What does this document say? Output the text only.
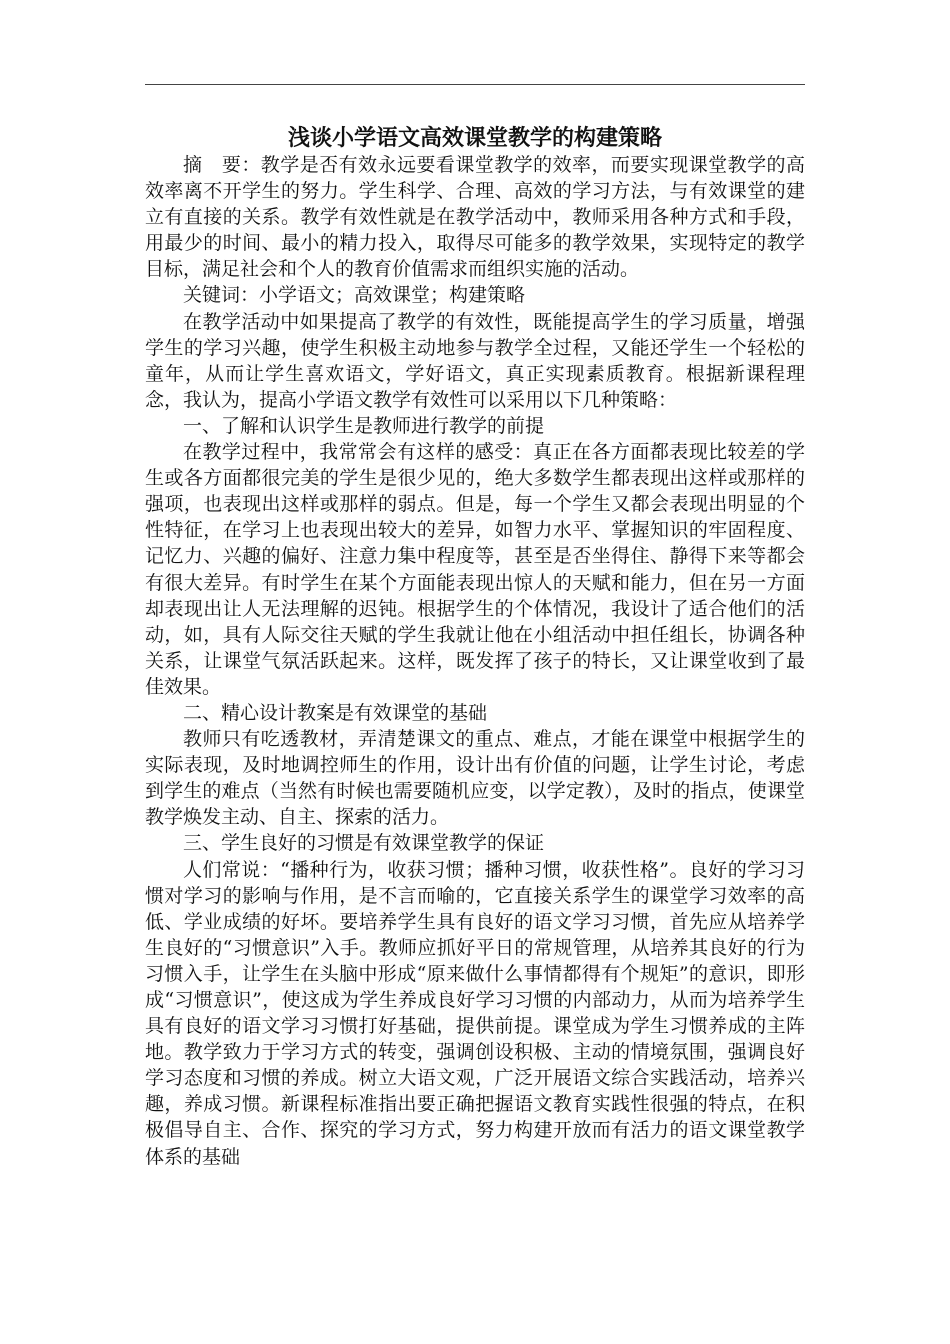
浅谈小学语文高效课堂教学的构建策略

摘　要：教学是否有效永远要看课堂教学的效率，而要实现课堂教学的高效率离不开学生的努力。学生科学、合理、高效的学习方法，与有效课堂的建立有直接的关系。教学有效性就是在教学活动中，教师采用各种方式和手段，用最少的时间、最小的精力投入，取得尽可能多的教学效果，实现特定的教学目标，满足社会和个人的教育价值需求而组织实施的活动。

关键词：小学语文；高效课堂；构建策略

在教学活动中如果提高了教学的有效性，既能提高学生的学习质量，增强学生的学习兴趣，使学生积极主动地参与教学全过程，又能还学生一个轻松的童年，从而让学生喜欢语文，学好语文，真正实现素质教育。根据新课程理念，我认为，提高小学语文教学有效性可以采用以下几种策略：

一、了解和认识学生是教师进行教学的前提

在教学过程中，我常常会有这样的感受：真正在各方面都表现比较差的学生或各方面都很完美的学生是很少见的，绝大多数学生都表现出这样或那样的强项，也表现出这样或那样的弱点。但是，每一个学生又都会表现出明显的个性特征，在学习上也表现出较大的差异，如智力水平、掌握知识的牢固程度、记忆力、兴趣的偏好、注意力集中程度等，甚至是否坐得住、静得下来等都会有很大差异。有时学生在某个方面能表现出惊人的天赋和能力，但在另一方面却表现出让人无法理解的迟钝。根据学生的个体情况，我设计了适合他们的活动，如，具有人际交往天赋的学生我就让他在小组活动中担任组长，协调各种关系，让课堂气氛活跃起来。这样，既发挥了孩子的特长，又让课堂收到了最佳效果。

二、精心设计教案是有效课堂的基础

教师只有吃透教材，弄清楚课文的重点、难点，才能在课堂中根据学生的实际表现，及时地调控师生的作用，设计出有价值的问题，让学生讨论，考虑到学生的难点（当然有时候也需要随机应变，以学定教），及时的指点，使课堂教学焕发主动、自主、探索的活力。

三、学生良好的习惯是有效课堂教学的保证

人们常说：“播种行为，收获习惯；播种习惯，收获性格”。良好的学习习惯对学习的影响与作用，是不言而喻的，它直接关系学生的课堂学习效率的高低、学业成绩的好坏。要培养学生具有良好的语文学习习惯，首先应从培养学生良好的“习惯意识”入手。教师应抓好平日的常规管理，从培养其良好的行为习惯入手，让学生在头脑中形成“原来做什么事情都得有个规矩”的意识，即形成“习惯意识”，使这成为学生养成良好学习习惯的内部动力，从而为培养学生具有良好的语文学习习惯打好基础，提供前提。课堂成为学生习惯养成的主阵地。教学致力于学习方式的转变，强调创设积极、主动的情境氛围，强调良好学习态度和习惯的养成。树立大语文观，广泛开展语文综合实践活动，培养兴趣，养成习惯。新课程标准指出要正确把握语文教育实践性很强的特点，在积极倡导自主、合作、探究的学习方式，努力构建开放而有活力的语文课堂教学体系的基础
